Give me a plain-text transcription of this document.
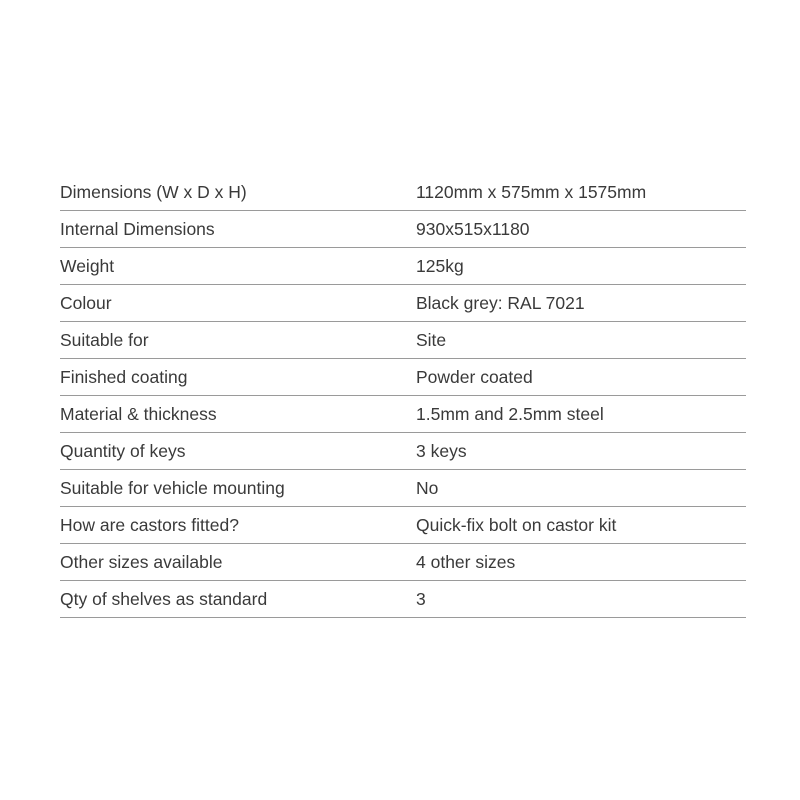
Dimensions (W x D x H)	1120mm x 575mm x 1575mm
Internal Dimensions	930x515x1180
Weight	125kg
Colour	Black grey: RAL 7021
Suitable for	Site
Finished coating	Powder coated
Material & thickness	1.5mm and 2.5mm steel
Quantity of keys	3 keys
Suitable for vehicle mounting	No
How are castors fitted?	Quick-fix bolt on castor kit
Other sizes available	4 other sizes
Qty of shelves as standard	3
